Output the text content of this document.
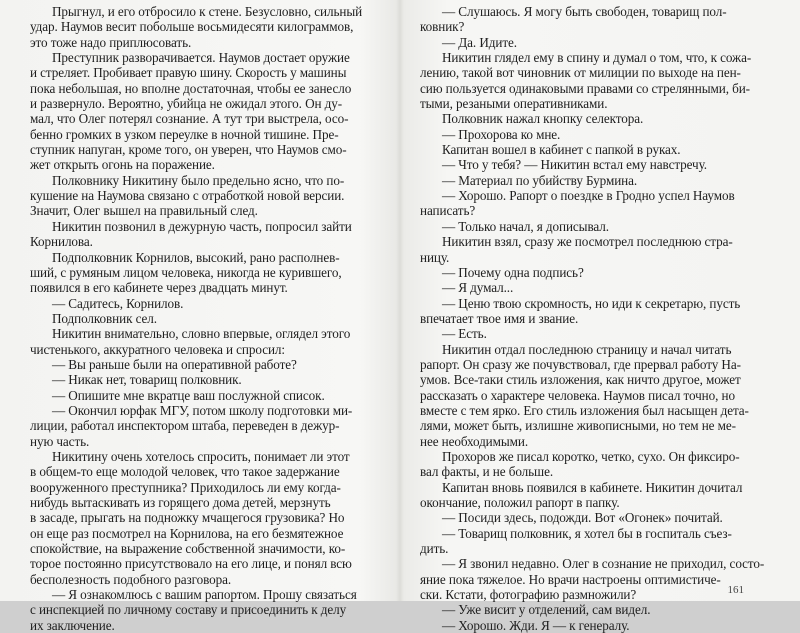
Прыгнул, и его отбросило к стене. Безусловно, сильный
удар. Наумов весит побольше восьмидесяти килограммов,
это тоже надо приплюсовать.

Преступник разворачивается. Наумов достает оружие
и стреляет. Пробивает правую шину. Скорость у машины
пока небольшая, но вполне достаточная, чтобы ее занесло
и развернуло. Вероятно, убийца не ожидал этого. Он ду-
мал, что Олег потерял сознание. А тут три выстрела, осо-
бенно громких в узком переулке в ночной тишине. Пре-
ступник напуган, кроме того, он уверен, что Наумов смо-
жет открыть огонь на поражение.

Полковнику Никитину было предельно ясно, что по-
кушение на Наумова связано с отработкой новой версии.
Значит, Олег вышел на правильный след.

Никитин позвонил в дежурную часть, попросил зайти
Корнилова.

Подполковник Корнилов, высокий, рано располнев-
ший, с румяным лицом человека, никогда не курившего,
появился в его кабинете через двадцать минут.

— Садитесь, Корнилов.

Подполковник сел.

Никитин внимательно, словно впервые, оглядел этого
чистенького, аккуратного человека и спросил:

— Вы раньше были на оперативной работе?

— Никак нет, товарищ полковник.

— Опишите мне вкратце ваш послужной список.

— Окончил юрфак МГУ, потом школу подготовки ми-
лиции, работал инспектором штаба, переведен в дежур-
ную часть.

Никитину очень хотелось спросить, понимает ли этот
в общем-то еще молодой человек, что такое задержание
вооруженного преступника? Приходилось ли ему когда-
нибудь вытаскивать из горящего дома детей, мерзнуть
в засаде, прыгать на подножку мчащегося грузовика? Но
он еще раз посмотрел на Корнилова, на его безмятежное
спокойствие, на выражение собственной значимости, ко-
торое постоянно присутствовало на его лице, и понял всю
бесполезность подобного разговора.

— Я ознакомлюсь с вашим рапортом. Прошу связаться
с инспекцией по личному составу и присоединить к делу
их заключение.

— Слушаюсь. Я могу быть свободен, товарищ пол-
ковник?

— Да. Идите.

Никитин глядел ему в спину и думал о том, что, к сожа-
лению, такой вот чиновник от милиции по выходе на пен-
сию пользуется одинаковыми правами со стрелянными, би-
тыми, резаными оперативниками.

Полковник нажал кнопку селектора.

— Прохорова ко мне.

Капитан вошел в кабинет с папкой в руках.

— Что у тебя? — Никитин встал ему навстречу.

— Материал по убийству Бурмина.

— Хорошо. Рапорт о поездке в Гродно успел Наумов
написать?

— Только начал, я дописывал.

Никитин взял, сразу же посмотрел последнюю стра-
ницу.

— Почему одна подпись?

— Я думал...

— Ценю твою скромность, но иди к секретарю, пусть
впечатает твое имя и звание.

— Есть.

Никитин отдал последнюю страницу и начал читать
рапорт. Он сразу же почувствовал, где прервал работу На-
умов. Все-таки стиль изложения, как ничто другое, может
рассказать о характере человека. Наумов писал точно, но
вместе с тем ярко. Его стиль изложения был насыщен дета-
лями, может быть, излишне живописными, но тем не ме-
нее необходимыми.

Прохоров же писал коротко, четко, сухо. Он фиксиро-
вал факты, и не больше.

Капитан вновь появился в кабинете. Никитин дочитал
окончание, положил рапорт в папку.

— Посиди здесь, подожди. Вот «Огонек» почитай.

— Товарищ полковник, я хотел бы в госпиталь съез-
дить.

— Я звонил недавно. Олег в сознание не приходил, состо-
яние пока тяжелое. Но врачи настроены оптимистиче-
ски. Кстати, фотографию размножили?

— Уже висит у отделений, сам видел.

— Хорошо. Жди. Я — к генералу.

161
